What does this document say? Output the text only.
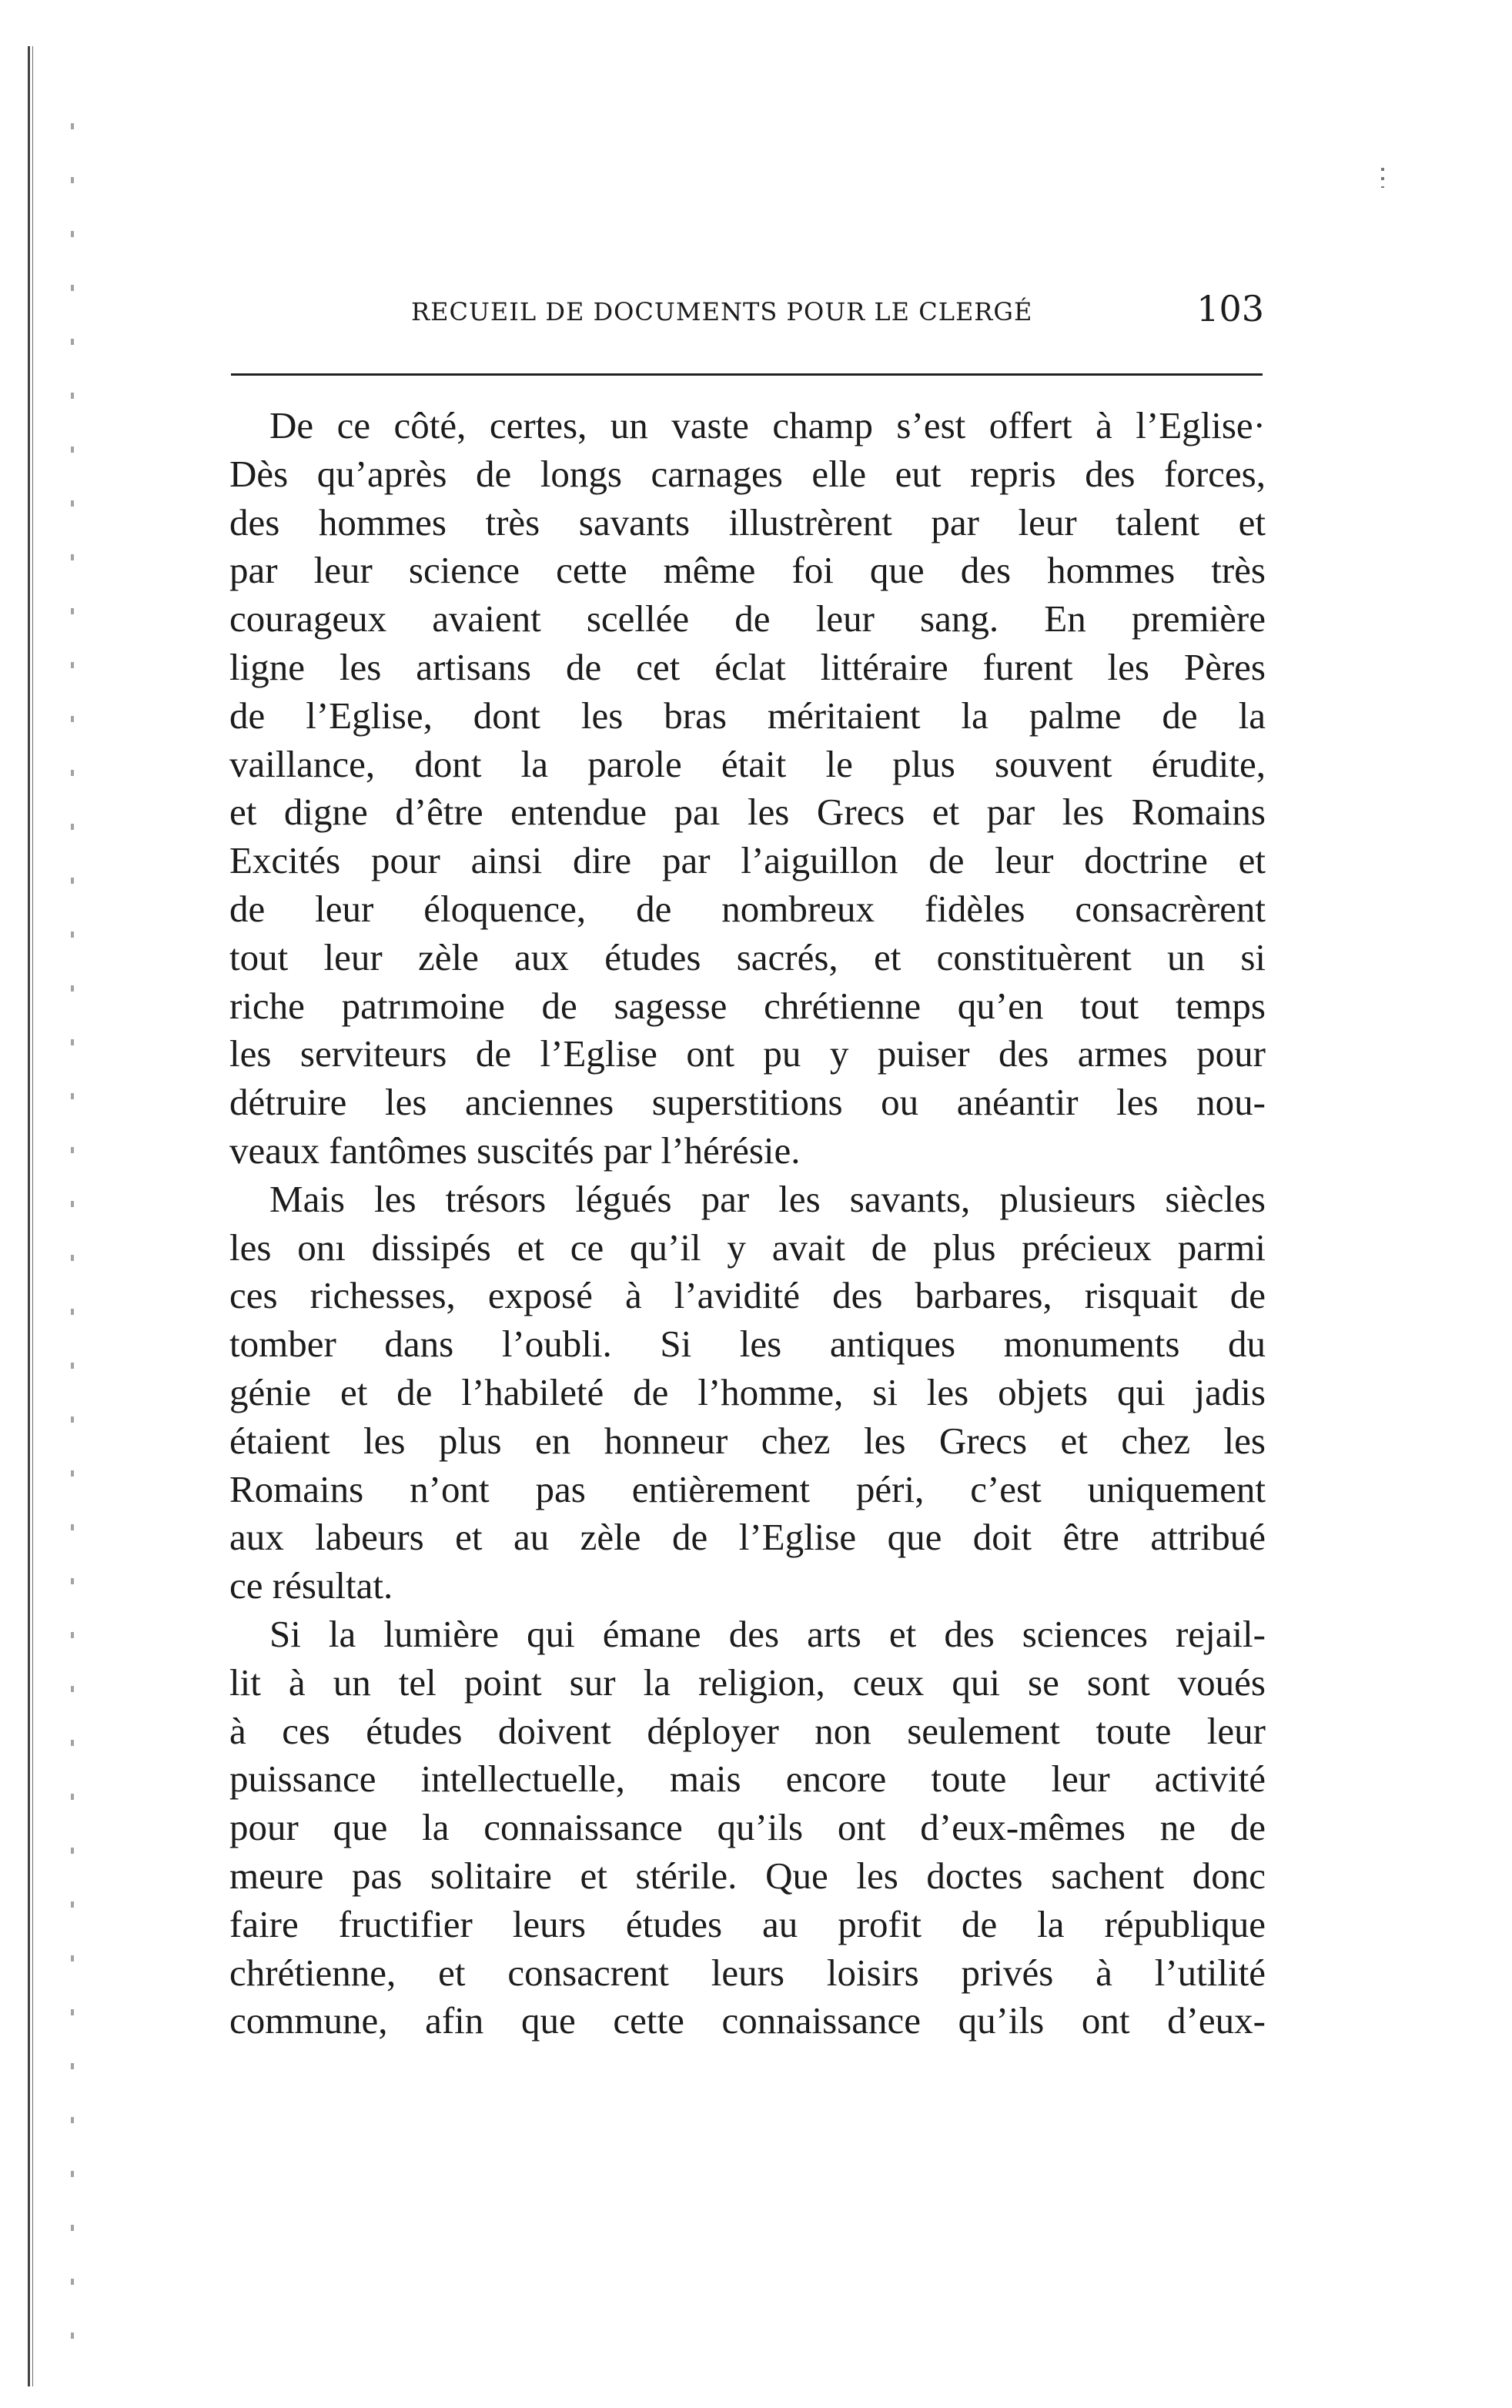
RECUEIL DE DOCUMENTS POUR LE CLERGÉ	103
De ce côté, certes, un vaste champ s’est offert à l’Eglise·
Dès qu’après de longs carnages elle eut repris des forces,
des hommes très savants illustrèrent par leur talent et
par leur science cette même foi que des hommes très
courageux avaient scellée de leur sang. En première
ligne les artisans de cet éclat littéraire furent les Pères
de l’Eglise, dont les bras méritaient la palme de la
vaillance, dont la parole était le plus souvent érudite,
et digne d’être entendue paı les Grecs et par les Romains
Excités pour ainsi dire par l’aiguillon de leur doctrine et
de leur éloquence, de nombreux fidèles consacrèrent
tout leur zèle aux études sacrés, et constituèrent un si
riche patrımoine de sagesse chrétienne qu’en tout temps
les serviteurs de l’Eglise ont pu y puiser des armes pour
détruire les anciennes superstitions ou anéantir les nou-
veaux fantômes suscités par l’hérésie.
Mais les trésors légués par les savants, plusieurs siècles
les onı dissipés et ce qu’il y avait de plus précieux parmi
ces richesses, exposé à l’avidité des barbares, risquait de
tomber dans l’oubli. Si les antiques monuments du
génie et de l’habileté de l’homme, si les objets qui jadis
étaient les plus en honneur chez les Grecs et chez les
Romains n’ont pas entièrement péri, c’est uniquement
aux labeurs et au zèle de l’Eglise que doit être attribué
ce résultat.
Si la lumière qui émane des arts et des sciences rejail-
lit à un tel point sur la religion, ceux qui se sont voués
à ces études doivent déployer non seulement toute leur
puissance intellectuelle, mais encore toute leur activité
pour que la connaissance qu’ils ont d’eux-mêmes ne de
meure pas solitaire et stérile. Que les doctes sachent donc
faire fructifier leurs études au profit de la république
chrétienne, et consacrent leurs loisirs privés à l’utilité
commune, afin que cette connaissance qu’ils ont d’eux-
